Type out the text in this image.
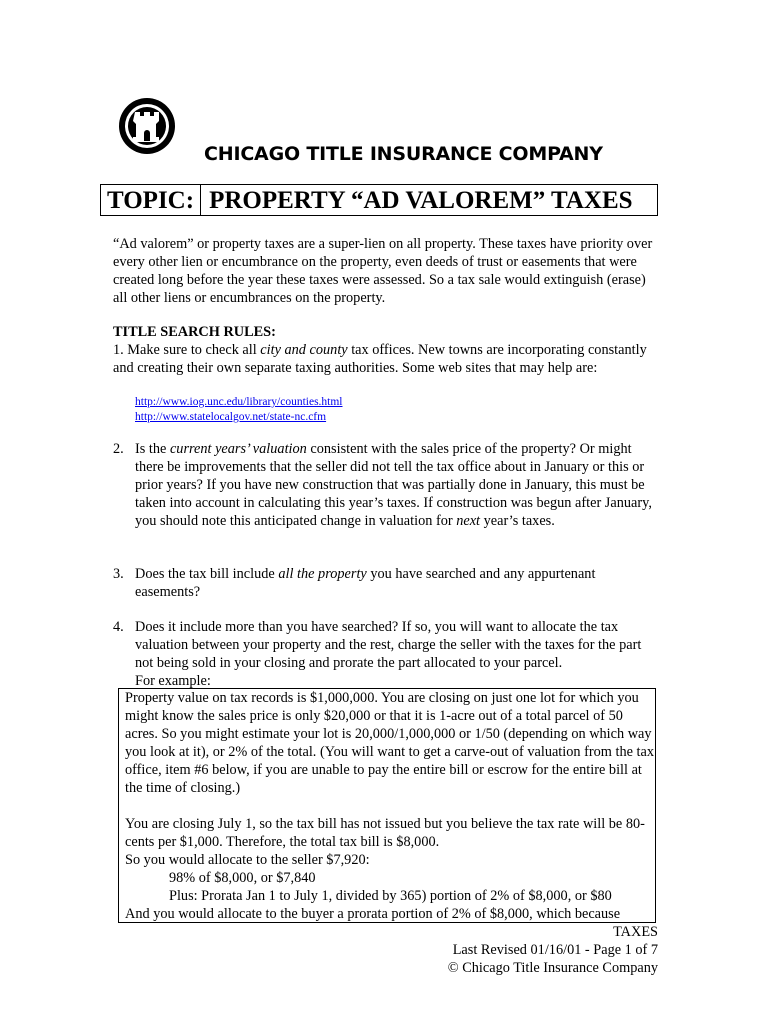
CHICAGO TITLE INSURANCE COMPANY
TOPIC: PROPERTY “AD VALOREM” TAXES
“Ad valorem” or property taxes are a super-lien on all property. These taxes have priority over every other lien or encumbrance on the property, even deeds of trust or easements that were created long before the year these taxes were assessed. So a tax sale would extinguish (erase) all other liens or encumbrances on the property.
TITLE SEARCH RULES:
1. Make sure to check all city and county tax offices. New towns are incorporating constantly and creating their own separate taxing authorities. Some web sites that may help are:
http://www.iog.unc.edu/library/counties.html
http://www.statelocalgov.net/state-nc.cfm
2. Is the current years’ valuation consistent with the sales price of the property? Or might there be improvements that the seller did not tell the tax office about in January or this or prior years? If you have new construction that was partially done in January, this must be taken into account in calculating this year’s taxes. If construction was begun after January, you should note this anticipated change in valuation for next year’s taxes.
3. Does the tax bill include all the property you have searched and any appurtenant easements?
4. Does it include more than you have searched? If so, you will want to allocate the tax valuation between your property and the rest, charge the seller with the taxes for the part not being sold in your closing and prorate the part allocated to your parcel.
For example:

Property value on tax records is $1,000,000. You are closing on just one lot for which you might know the sales price is only $20,000 or that it is 1-acre out of a total parcel of 50 acres. So you might estimate your lot is 20,000/1,000,000 or 1/50 (depending on which way you look at it), or 2% of the total. (You will want to get a carve-out of valuation from the tax office, item #6 below, if you are unable to pay the entire bill or escrow for the entire bill at the time of closing.)

You are closing July 1, so the tax bill has not issued but you believe the tax rate will be 80-cents per $1,000. Therefore, the total tax bill is $8,000.

So you would allocate to the seller $7,920:

98% of $8,000, or $7,840

Plus: Prorata Jan 1 to July 1, divided by 365) portion of 2% of $8,000, or $80

And you would allocate to the buyer a prorata portion of 2% of $8,000, which because

TAXES
Last Revised 01/16/01 - Page 1 of 7
© Chicago Title Insurance Company
